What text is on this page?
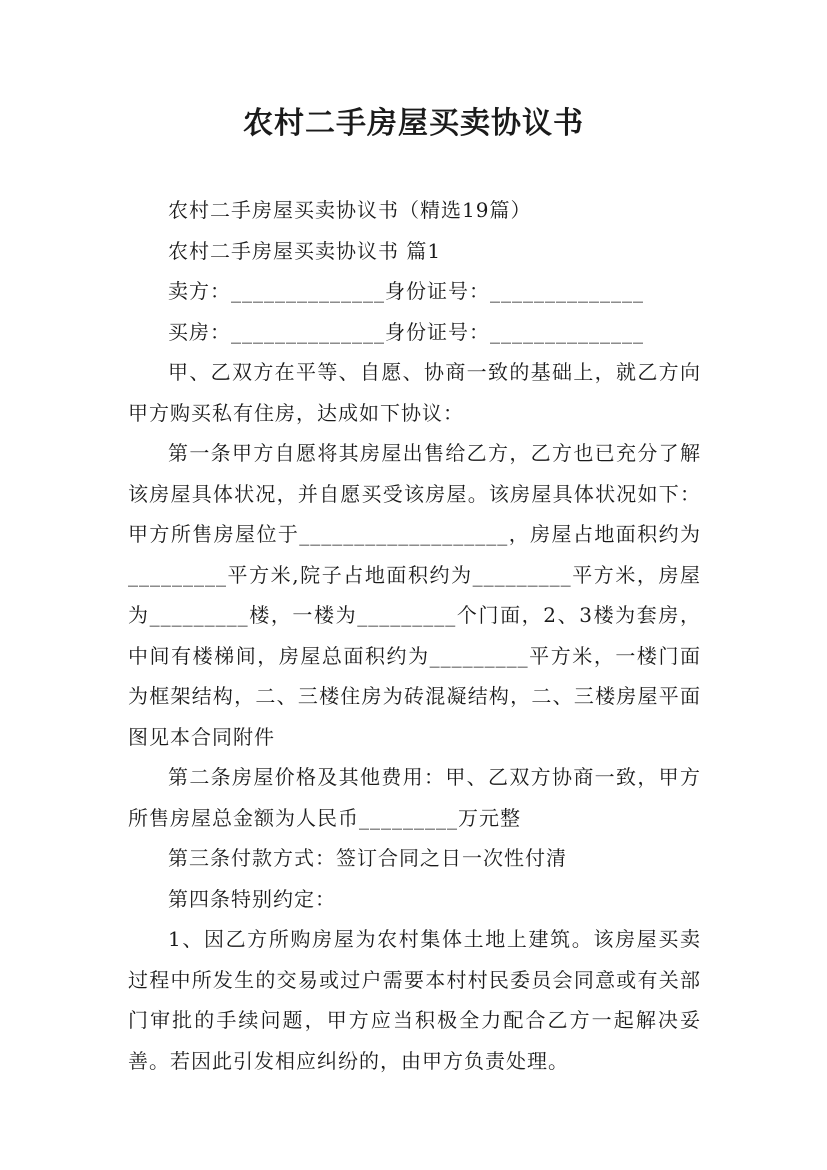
农村二手房屋买卖协议书

农村二手房屋买卖协议书（精选19篇）

农村二手房屋买卖协议书 篇1

卖方：______________身份证号：______________

买房：______________身份证号：______________

甲、乙双方在平等、自愿、协商一致的基础上，就乙方向甲方购买私有住房，达成如下协议：

第一条甲方自愿将其房屋出售给乙方，乙方也已充分了解该房屋具体状况，并自愿买受该房屋。该房屋具体状况如下：甲方所售房屋位于___________________，房屋占地面积约为_________平方米,院子占地面积约为_________平方米，房屋为_________楼，一楼为_________个门面，2、3楼为套房，中间有楼梯间，房屋总面积约为_________平方米，一楼门面为框架结构，二、三楼住房为砖混凝结构，二、三楼房屋平面图见本合同附件

第二条房屋价格及其他费用：甲、乙双方协商一致，甲方所售房屋总金额为人民币_________万元整

第三条付款方式：签订合同之日一次性付清

第四条特别约定：

1、因乙方所购房屋为农村集体土地上建筑。该房屋买卖过程中所发生的交易或过户需要本村村民委员会同意或有关部门审批的手续问题，甲方应当积极全力配合乙方一起解决妥善。若因此引发相应纠纷的，由甲方负责处理。
